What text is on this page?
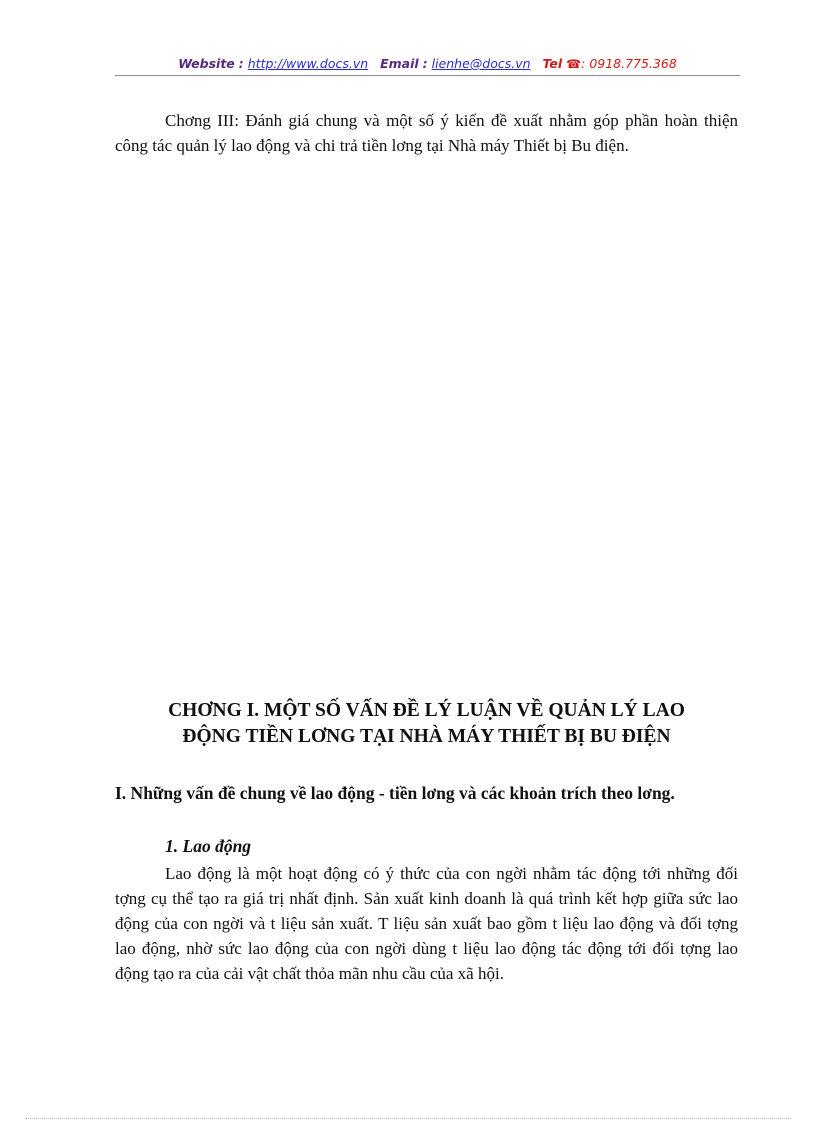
Website : http://www.docs.vn Email : lienhe@docs.vn Tel ☎: 0918.775.368

Chơng III: Đánh giá chung và một số ý kiến đề xuất nhằm góp phần hoàn thiện công tác quản lý lao động và chi trả tiền lơng tại Nhà máy Thiết bị Bu điện.

CHƠNG I. MỘT SỐ VẤN ĐỀ LÝ LUẬN VỀ QUẢN LÝ LAO
ĐỘNG TIỀN LƠNG TẠI NHÀ MÁY THIẾT BỊ BU ĐIỆN

I. Những vấn đề chung về lao động - tiền lơng và các khoản trích theo lơng.

1. Lao động

Lao động là một hoạt động có ý thức của con ngời nhằm tác động tới những đối tợng cụ thể tạo ra giá trị nhất định. Sản xuất kinh doanh là quá trình kết hợp giữa sức lao động của con ngời và t liệu sản xuất. T liệu sản xuất bao gồm t liệu lao động và đối tợng lao động, nhờ sức lao động của con ngời dùng t liệu lao động tác động tới đối tợng lao động tạo ra của cải vật chất thỏa mãn nhu cầu của xã hội.
